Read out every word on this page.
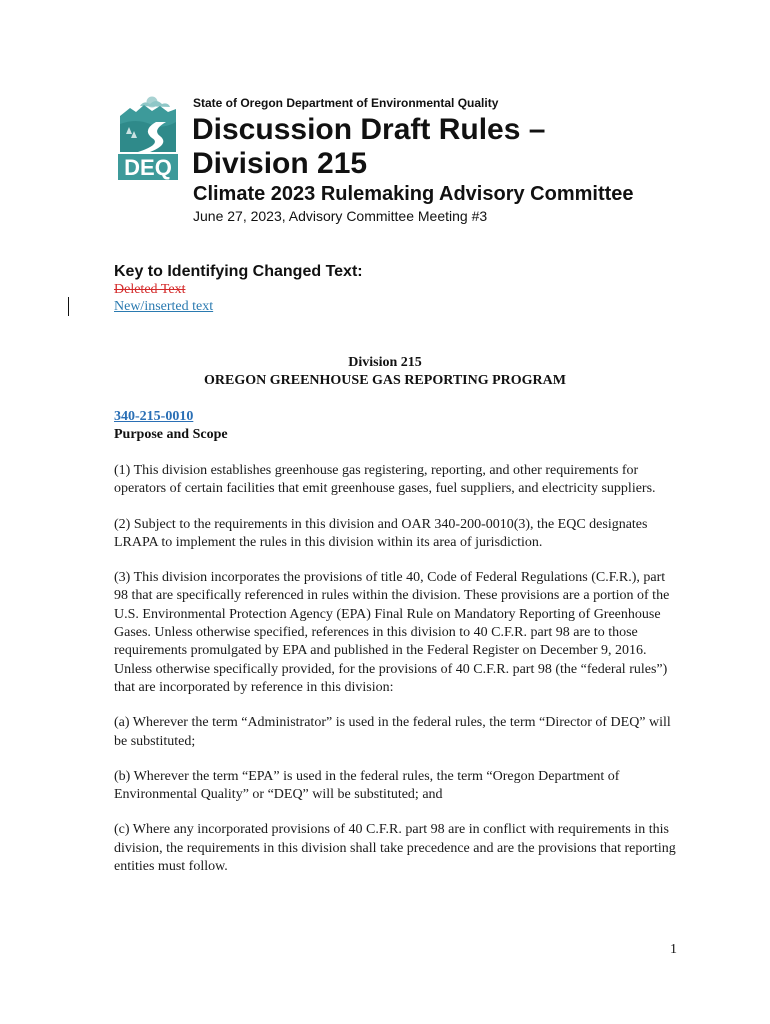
DEQ
State of Oregon Department of Environmental Quality
Discussion Draft Rules –
Division 215
Climate 2023 Rulemaking Advisory Committee
June 27, 2023, Advisory Committee Meeting #3
Key to Identifying Changed Text:
Deleted Text
New/inserted text
Division 215
OREGON GREENHOUSE GAS REPORTING PROGRAM
340-215-0010
Purpose and Scope

(1) This division establishes greenhouse gas registering, reporting, and other requirements for operators of certain facilities that emit greenhouse gases, fuel suppliers, and electricity suppliers.

(2) Subject to the requirements in this division and OAR 340-200-0010(3), the EQC designates LRAPA to implement the rules in this division within its area of jurisdiction.

(3) This division incorporates the provisions of title 40, Code of Federal Regulations (C.F.R.), part 98 that are specifically referenced in rules within the division. These provisions are a portion of the U.S. Environmental Protection Agency (EPA) Final Rule on Mandatory Reporting of Greenhouse Gases. Unless otherwise specified, references in this division to 40 C.F.R. part 98 are to those requirements promulgated by EPA and published in the Federal Register on December 9, 2016. Unless otherwise specifically provided, for the provisions of 40 C.F.R. part 98 (the “federal rules”) that are incorporated by reference in this division:

(a) Wherever the term “Administrator” is used in the federal rules, the term “Director of DEQ” will be substituted;

(b) Wherever the term “EPA” is used in the federal rules, the term “Oregon Department of Environmental Quality” or “DEQ” will be substituted; and

(c) Where any incorporated provisions of 40 C.F.R. part 98 are in conflict with requirements in this division, the requirements in this division shall take precedence and are the provisions that reporting entities must follow.

1
